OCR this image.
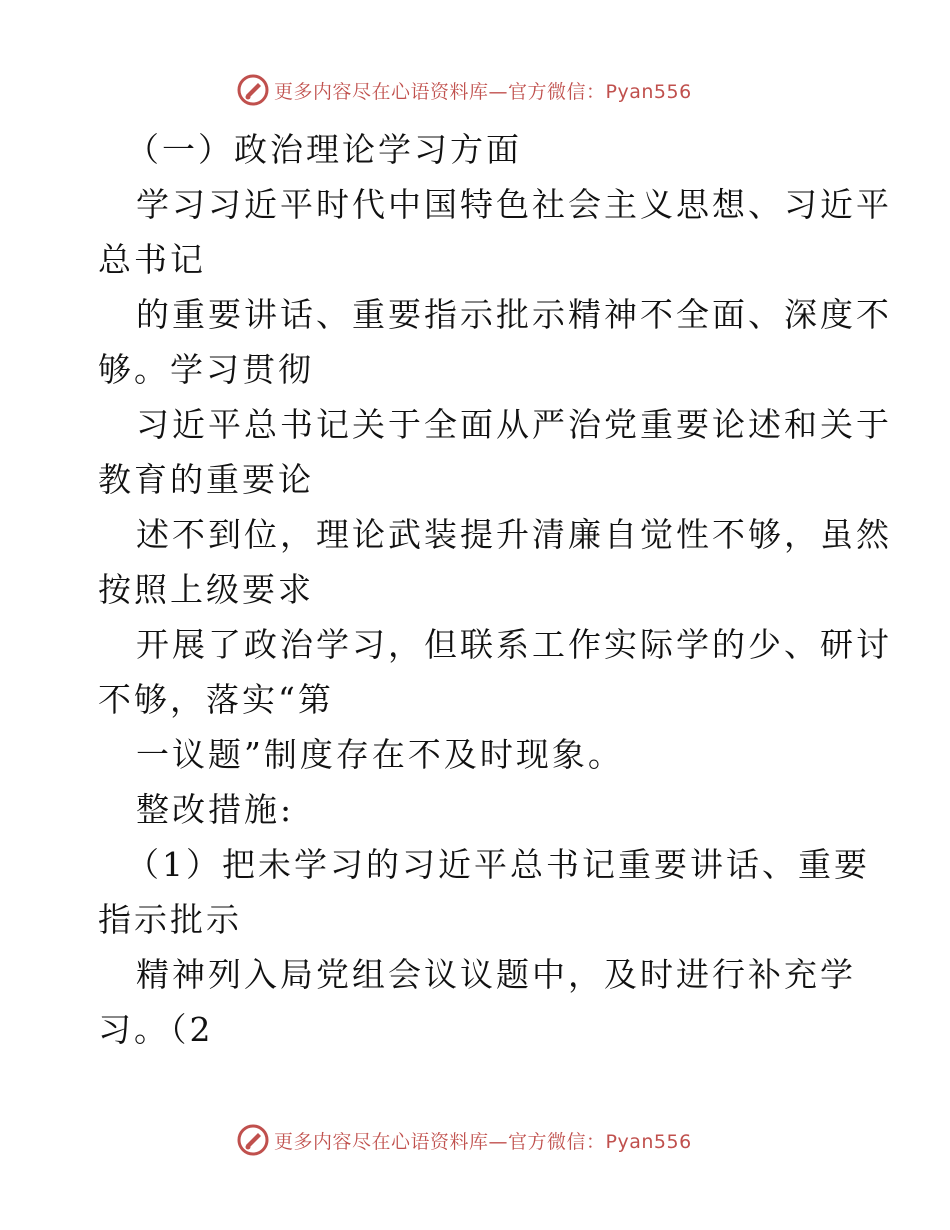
更多内容尽在心语资料库—官方微信：Pyan556
（一）政治理论学习方面
学习习近平时代中国特色社会主义思想、习近平
总书记
的重要讲话、重要指示批示精神不全面、深度不
够。学习贯彻
习近平总书记关于全面从严治党重要论述和关于
教育的重要论
述不到位，理论武装提升清廉自觉性不够，虽然
按照上级要求
开展了政治学习，但联系工作实际学的少、研讨
不够，落实“第
一议题”制度存在不及时现象。
整改措施:
（1）把未学习的习近平总书记重要讲话、重要
指示批示
精神列入局党组会议议题中，及时进行补充学
习。（2
更多内容尽在心语资料库—官方微信：Pyan556
